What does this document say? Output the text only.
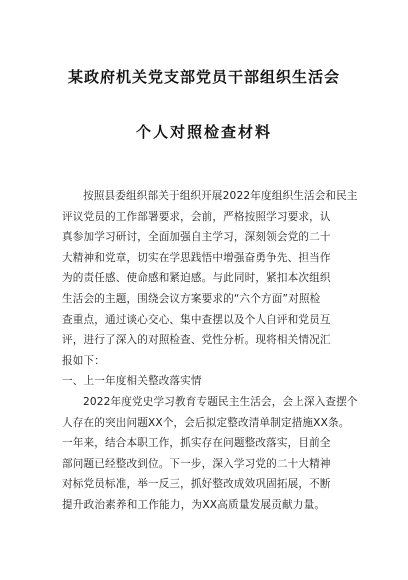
某政府机关党支部党员干部组织生活会
个人对照检查材料
按照县委组织部关于组织开展2022年度组织生活会和民主
评议党员的工作部署要求，会前，严格按照学习要求，认
真参加学习研讨，全面加强自主学习，深刻领会党的二十
大精神和党章，切实在学思践悟中增强奋勇争先、担当作
为的责任感、使命感和紧迫感。与此同时，紧扣本次组织
生活会的主题，围绕会议方案要求的“六个方面”对照检
查重点，通过谈心交心、集中查摆以及个人自评和党员互
评，进行了深入的对照检查、党性分析。现将相关情况汇
报如下：
一、上一年度相关整改落实情
2022年度党史学习教育专题民主生活会，会上深入查摆个
人存在的突出问题XX个，会后拟定整改清单制定措施XX条。
一年来，结合本职工作，抓实存在问题整改落实，目前全
部问题已经整改到位。下一步，深入学习党的二十大精神
对标党员标准，举一反三，抓好整改成效巩固拓展，不断
提升政治素养和工作能力，为XX高质量发展贡献力量。
